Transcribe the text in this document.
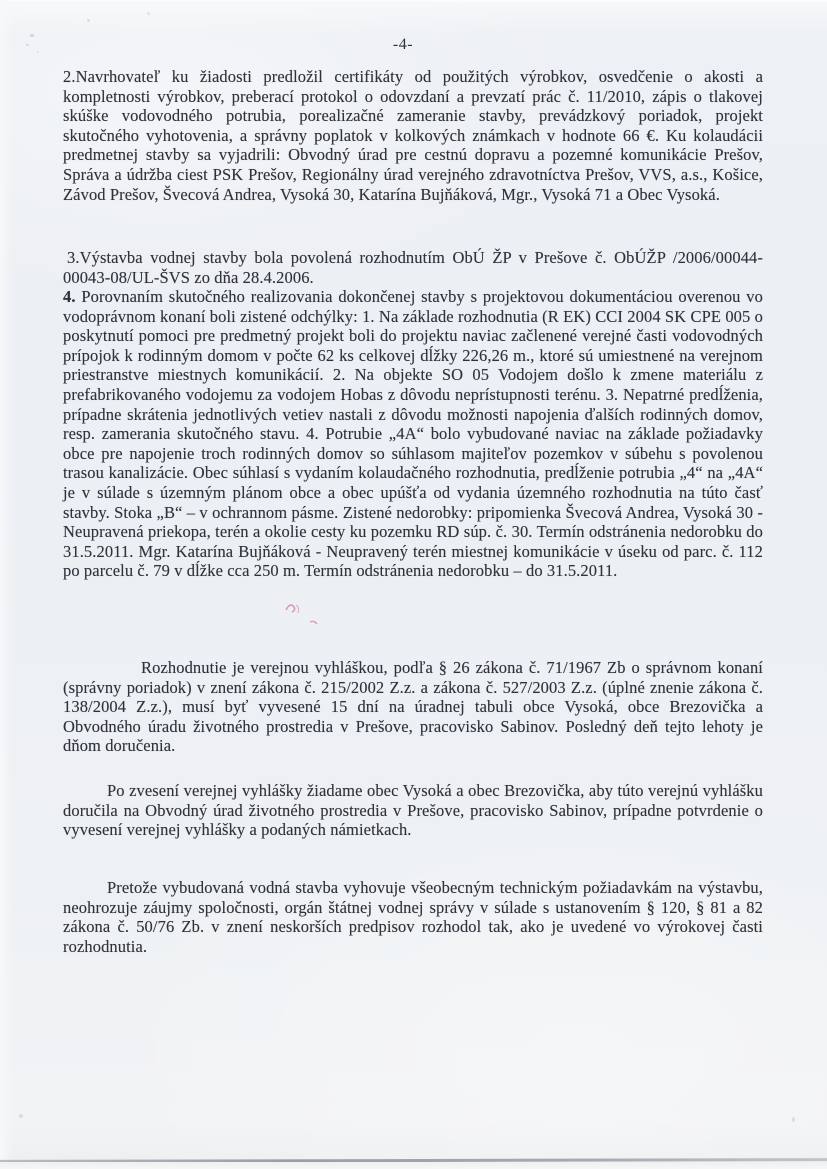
-4-

2.Navrhovateľ ku žiadosti predložil certifikáty od použitých výrobkov, osvedčenie o akosti a kompletnosti výrobkov, preberací protokol o odovzdaní a prevzatí prác č. 11/2010, zápis o tlakovej skúške vodovodného potrubia, porealizačné zameranie stavby, prevádzkový poriadok, projekt skutočného vyhotovenia, a správny poplatok v kolkových známkach v hodnote 66 €. Ku kolaudácii predmetnej stavby sa vyjadrili: Obvodný úrad pre cestnú dopravu a pozemné komunikácie Prešov, Správa a údržba ciest PSK Prešov, Regionálny úrad verejného zdravotníctva Prešov, VVS, a.s., Košice, Závod Prešov, Švecová Andrea, Vysoká 30, Katarína Bujňáková, Mgr., Vysoká 71 a Obec Vysoká.

3.Výstavba vodnej stavby bola povolená rozhodnutím ObÚ ŽP v Prešove č. ObÚŽP /2006/00044-00043-08/UL-ŠVS zo dňa 28.4.2006.

4. Porovnaním skutočného realizovania dokončenej stavby s projektovou dokumentáciou overenou vo vodoprávnom konaní boli zistené odchýlky: 1. Na základe rozhodnutia (R EK) CCI 2004 SK CPE 005 o poskytnutí pomoci pre predmetný projekt boli do projektu naviac začlenené verejné časti vodovodných prípojok k rodinným domom v počte 62 ks celkovej dĺžky 226,26 m., ktoré sú umiestnené na verejnom priestranstve miestnych komunikácií. 2. Na objekte SO 05 Vodojem došlo k zmene materiálu z prefabrikovaného vodojemu za vodojem Hobas z dôvodu neprístupnosti terénu. 3. Nepatrné predĺženia, prípadne skrátenia jednotlivých vetiev nastali z dôvodu možnosti napojenia ďalších rodinných domov, resp. zamerania skutočného stavu. 4. Potrubie „4A“ bolo vybudované naviac na základe požiadavky obce pre napojenie troch rodinných domov so súhlasom majiteľov pozemkov v súbehu s povolenou trasou kanalizácie. Obec súhlasí s vydaním kolaudačného rozhodnutia, predĺženie potrubia „4“ na „4A“ je v súlade s územným plánom obce a obec upúšťa od vydania územného rozhodnutia na túto časť stavby. Stoka „B“ – v ochrannom pásme. Zistené nedorobky: pripomienka Švecová Andrea, Vysoká 30 - Neupravená priekopa, terén a okolie cesty ku pozemku RD súp. č. 30. Termín odstránenia nedorobku do 31.5.2011. Mgr. Katarína Bujňáková - Neupravený terén miestnej komunikácie v úseku od parc. č. 112 po parcelu č. 79 v dĺžke cca 250 m. Termín odstránenia nedorobku – do 31.5.2011.

Rozhodnutie je verejnou vyhláškou, podľa § 26 zákona č. 71/1967 Zb o správnom konaní (správny poriadok) v znení zákona č. 215/2002 Z.z. a zákona č. 527/2003 Z.z. (úplné znenie zákona č. 138/2004 Z.z.), musí byť vyvesené 15 dní na úradnej tabuli obce Vysoká, obce Brezovička a Obvodného úradu životného prostredia v Prešove, pracovisko Sabinov. Posledný deň tejto lehoty je dňom doručenia.

Po zvesení verejnej vyhlášky žiadame obec Vysoká a obec Brezovička, aby túto verejnú vyhlášku doručila na Obvodný úrad životného prostredia v Prešove, pracovisko Sabinov, prípadne potvrdenie o vyvesení verejnej vyhlášky a podaných námietkach.

Pretože vybudovaná vodná stavba vyhovuje všeobecným technickým požiadavkám na výstavbu, neohrozuje záujmy spoločnosti, orgán štátnej vodnej správy v súlade s ustanovením § 120, § 81 a 82 zákona č. 50/76 Zb. v znení neskorších predpisov rozhodol tak, ako je uvedené vo výrokovej časti rozhodnutia.
